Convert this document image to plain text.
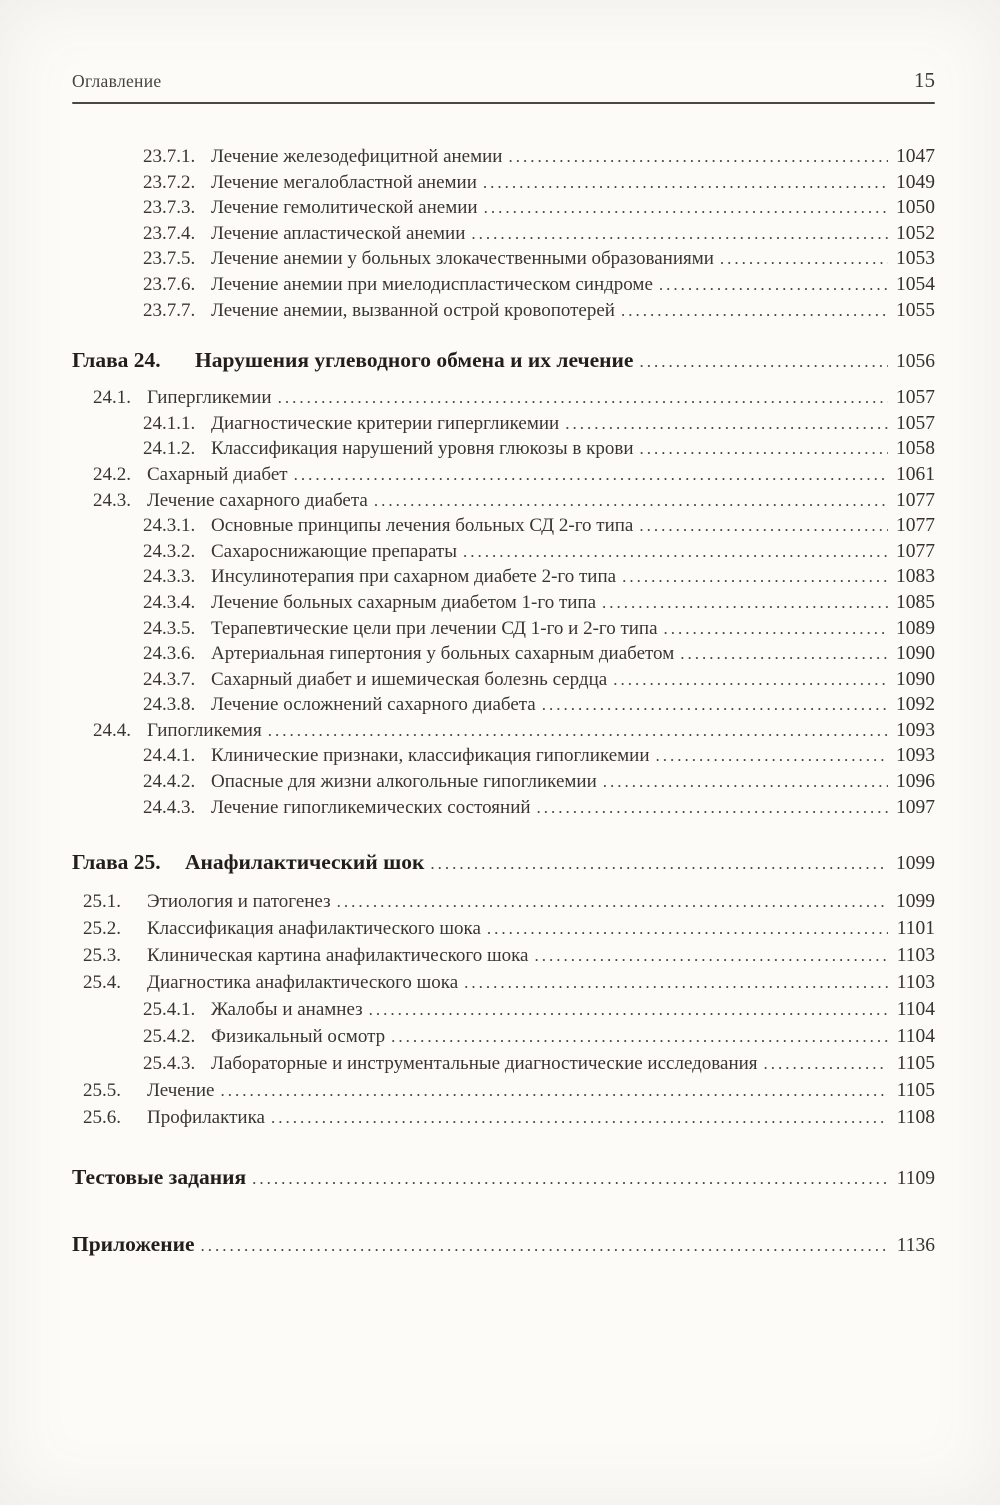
Оглавление	15
23.7.1. Лечение железодефицитной анемии .....	1047
23.7.2. Лечение мегалобластной анемии .....	1049
23.7.3. Лечение гемолитической анемии .....	1050
23.7.4. Лечение апластической анемии .....	1052
23.7.5. Лечение анемии у больных злокачественными образованиями .....	1053
23.7.6. Лечение анемии при миелодиспластическом синдроме .....	1054
23.7.7. Лечение анемии, вызванной острой кровопотерей .....	1055
Глава 24.	Нарушения углеводного обмена и их лечение .....	1056
24.1. Гипергликемии .....	1057
24.1.1. Диагностические критерии гипергликемии .....	1057
24.1.2. Классификация нарушений уровня глюкозы в крови .....	1058
24.2. Сахарный диабет .....	1061
24.3. Лечение сахарного диабета .....	1077
24.3.1. Основные принципы лечения больных СД 2-го типа .....	1077
24.3.2. Сахароснижающие препараты .....	1077
24.3.3. Инсулинотерапия при сахарном диабете 2-го типа .....	1083
24.3.4. Лечение больных сахарным диабетом 1-го типа .....	1085
24.3.5. Терапевтические цели при лечении СД 1-го и 2-го типа .....	1089
24.3.6. Артериальная гипертония у больных сахарным диабетом .....	1090
24.3.7. Сахарный диабет и ишемическая болезнь сердца .....	1090
24.3.8. Лечение осложнений сахарного диабета .....	1092
24.4. Гипогликемия .....	1093
24.4.1. Клинические признаки, классификация гипогликемии .....	1093
24.4.2. Опасные для жизни алкогольные гипогликемии .....	1096
24.4.3. Лечение гипогликемических состояний .....	1097
Глава 25.	Анафилактический шок .....	1099
25.1.	Этиология и патогенез .....	1099
25.2.	Классификация анафилактического шока .....	1101
25.3.	Клиническая картина анафилактического шока .....	1103
25.4.	Диагностика анафилактического шока .....	1103
25.4.1. Жалобы и анамнез .....	1104
25.4.2. Физикальный осмотр .....	1104
25.4.3. Лабораторные и инструментальные диагностические исследования .....	1105
25.5.	Лечение .....	1105
25.6.	Профилактика .....	1108
Тестовые задания .....	1109
Приложение .....	1136
